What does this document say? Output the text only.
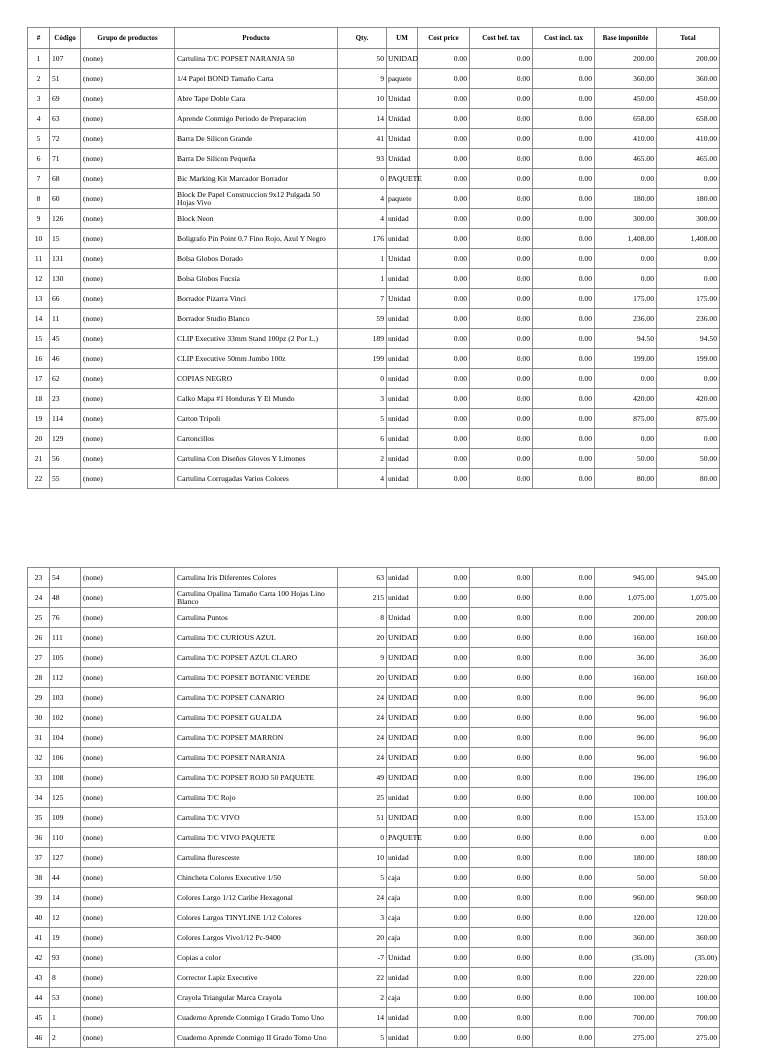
#	Código	Grupo de productos	Producto	Qty.	UM	Cost price	Cost bef. tax	Cost incl. tax	Base imponible	Total
1	107	(none)	Cartulina T/C POPSET NARANJA 50	50	UNIDAD	0.00	0.00	0.00	200.00	200.00
2	51	(none)	1/4 Papel BOND Tamaño Carta	9	paquete	0.00	0.00	0.00	360.00	360.00
3	69	(none)	Abre Tape Doble Cara	10	Unidad	0.00	0.00	0.00	450.00	450.00
4	63	(none)	Aprende Conmigo Periodo de Preparacion	14	Unidad	0.00	0.00	0.00	658.00	658.00
5	72	(none)	Barra De Silicon Grande	41	Unidad	0.00	0.00	0.00	410.00	410.00
6	71	(none)	Barra De Silicon Pequeña	93	Unidad	0.00	0.00	0.00	465.00	465.00
7	68	(none)	Bic Marking Kit Marcador Borrador	0	PAQUETE	0.00	0.00	0.00	0.00	0.00
8	60	(none)	Block De Papel Construccion 9x12 Pulgada 50 Hojas Vivo	4	paquete	0.00	0.00	0.00	180.00	180.00
9	126	(none)	Block Neon	4	unidad	0.00	0.00	0.00	300.00	300.00
10	15	(none)	Boligrafo Pin Point 0.7 Fino Rojo, Azul Y Negro	176	unidad	0.00	0.00	0.00	1,408.00	1,408.00
11	131	(none)	Bolsa Globos Dorado	1	Unidad	0.00	0.00	0.00	0.00	0.00
12	130	(none)	Bolsa Globos Fucsia	1	unidad	0.00	0.00	0.00	0.00	0.00
13	66	(none)	Borrador Pizarra Vinci	7	Unidad	0.00	0.00	0.00	175.00	175.00
14	11	(none)	Borrador Studio Blanco	59	unidad	0.00	0.00	0.00	236.00	236.00
15	45	(none)	CLIP Executive 33mm Stand 100pz (2 Por L.)	189	unidad	0.00	0.00	0.00	94.50	94.50
16	46	(none)	CLIP Executive 50mm Jumbo 100z	199	unidad	0.00	0.00	0.00	199.00	199.00
17	62	(none)	COPIAS NEGRO	0	unidad	0.00	0.00	0.00	0.00	0.00
18	23	(none)	Calko Mapa #1 Honduras Y El Mundo	3	unidad	0.00	0.00	0.00	420.00	420.00
19	114	(none)	Carton Tripoli	5	unidad	0.00	0.00	0.00	875.00	875.00
20	129	(none)	Cartoncillos	6	unidad	0.00	0.00	0.00	0.00	0.00
21	56	(none)	Cartulina Con Diseños Glovos Y Limones	2	unidad	0.00	0.00	0.00	50.00	50.00
22	55	(none)	Cartulina Corrugadas Varios Colores	4	unidad	0.00	0.00	0.00	80.00	80.00
23	54	(none)	Cartulina Iris Diferentes Colores	63	unidad	0.00	0.00	0.00	945.00	945.00
24	48	(none)	Cartulina Opalina Tamaño Carta 100 Hojas Lino Blanco	215	unidad	0.00	0.00	0.00	1,075.00	1,075.00
25	76	(none)	Cartulina Puntos	8	Unidad	0.00	0.00	0.00	200.00	200.00
26	111	(none)	Cartulina T/C CURIOUS AZUL	20	UNIDAD	0.00	0.00	0.00	160.00	160.00
27	105	(none)	Cartulina T/C POPSET AZUL CLARO	9	UNIDAD	0.00	0.00	0.00	36.00	36.00
28	112	(none)	Cartulina T/C POPSET BOTANIC VERDE	20	UNIDAD	0.00	0.00	0.00	160.00	160.00
29	103	(none)	Cartulina T/C POPSET CANARIO	24	UNIDAD	0.00	0.00	0.00	96.00	96.00
30	102	(none)	Cartulina T/C POPSET GUALDA	24	UNIDAD	0.00	0.00	0.00	96.00	96.00
31	104	(none)	Cartulina T/C POPSET MARRON	24	UNIDAD	0.00	0.00	0.00	96.00	96.00
32	106	(none)	Cartulina T/C POPSET NARANJA	24	UNIDAD	0.00	0.00	0.00	96.00	96.00
33	108	(none)	Cartulina T/C POPSET ROJO 50 PAQUETE	49	UNIDAD	0.00	0.00	0.00	196.00	196.00
34	125	(none)	Cartulina T/C Rojo	25	unidad	0.00	0.00	0.00	100.00	100.00
35	109	(none)	Cartulina T/C VIVO	51	UNIDAD	0.00	0.00	0.00	153.00	153.00
36	110	(none)	Cartulina T/C VIVO PAQUETE	0	PAQUETE	0.00	0.00	0.00	0.00	0.00
37	127	(none)	Cartulina fluresceste	10	unidad	0.00	0.00	0.00	180.00	180.00
38	44	(none)	Chincheta Colores Executive 1/50	5	caja	0.00	0.00	0.00	50.00	50.00
39	14	(none)	Colores Largo 1/12 Caribe Hexagonal	24	caja	0.00	0.00	0.00	960.00	960.00
40	12	(none)	Colores Largos TINYLINE 1/12 Colores	3	caja	0.00	0.00	0.00	120.00	120.00
41	19	(none)	Colores Largos Vivo1/12 Pc-9400	20	caja	0.00	0.00	0.00	360.00	360.00
42	93	(none)	Copias a color	-7	Unidad	0.00	0.00	0.00	(35.00)	(35.00)
43	8	(none)	Corrector Lapiz Executive	22	unidad	0.00	0.00	0.00	220.00	220.00
44	53	(none)	Crayola Triangular Marca Crayola	2	caja	0.00	0.00	0.00	100.00	100.00
45	1	(none)	Cuaderno Aprende Conmigo I Grado Tomo Uno	14	unidad	0.00	0.00	0.00	700.00	700.00
46	2	(none)	Cuaderno Aprende Conmigo II Grado Tomo Uno	5	unidad	0.00	0.00	0.00	275.00	275.00
